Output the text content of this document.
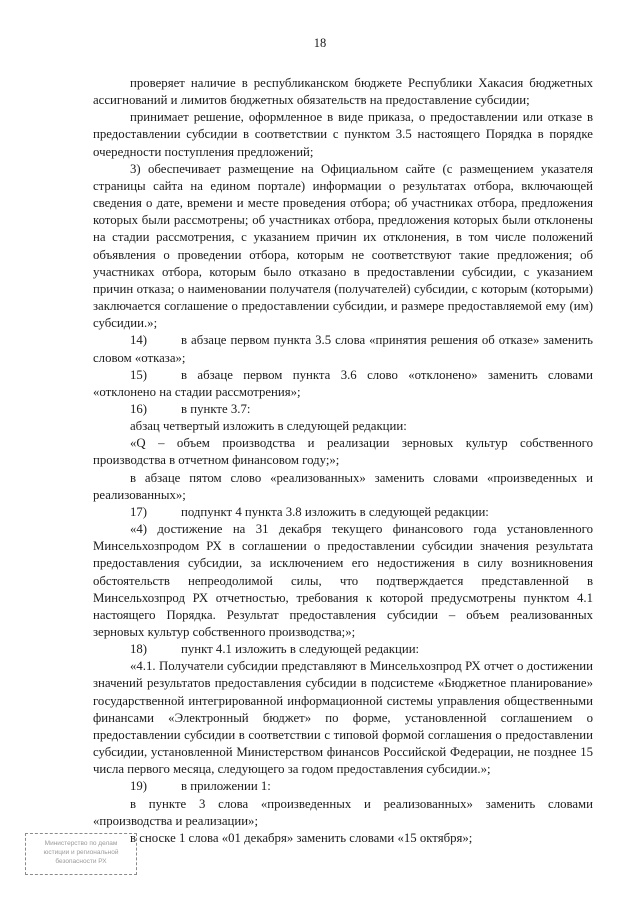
18

проверяет наличие в республиканском бюджете Республики Хакасия бюджетных ассигнований и лимитов бюджетных обязательств на предоставление субсидии;

принимает решение, оформленное в виде приказа, о предоставлении или отказе в предоставлении субсидии в соответствии с пунктом 3.5 настоящего Порядка в порядке очередности поступления предложений;

3) обеспечивает размещение на Официальном сайте (с размещением указателя страницы сайта на едином портале) информации о результатах отбора, включающей сведения о дате, времени и месте проведения отбора; об участниках отбора, предложения которых были рассмотрены; об участниках отбора, предложения которых были отклонены на стадии рассмотрения, с указанием причин их отклонения, в том числе положений объявления о проведении отбора, которым не соответствуют такие предложения; об участниках отбора, которым было отказано в предоставлении субсидии, с указанием причин отказа; о наименовании получателя (получателей) субсидии, с которым (которыми) заключается соглашение о предоставлении субсидии, и размере предоставляемой ему (им) субсидии.»;

14)	в абзаце первом пункта 3.5 слова «принятия решения об отказе» заменить словом «отказа»;

15)	в абзаце первом пункта 3.6 слово «отклонено» заменить словами «отклонено на стадии рассмотрения»;

16)	в пункте 3.7:

абзац четвертый изложить в следующей редакции:

«Q – объем производства и реализации зерновых культур собственного производства в отчетном финансовом году;»;

в абзаце пятом слово «реализованных» заменить словами «произведенных и реализованных»;

17)	подпункт 4 пункта 3.8 изложить в следующей редакции:

«4) достижение на 31 декабря текущего финансового года установленного Минсельхозпродом РХ в соглашении о предоставлении субсидии значения результата предоставления субсидии, за исключением его недостижения в силу возникновения обстоятельств непреодолимой силы, что подтверждается представленной в Минсельхозпрод РХ отчетностью, требования к которой предусмотрены пунктом 4.1 настоящего Порядка. Результат предоставления субсидии – объем реализованных зерновых культур собственного производства;»;

18)	пункт 4.1 изложить в следующей редакции:

«4.1. Получатели субсидии представляют в Минсельхозпрод РХ отчет о достижении значений результатов предоставления субсидии в подсистеме «Бюджетное планирование» государственной интегрированной информационной системы управления общественными финансами «Электронный бюджет» по форме, установленной соглашением о предоставлении субсидии в соответствии с типовой формой соглашения о предоставлении субсидии, установленной Министерством финансов Российской Федерации, не позднее 15 числа первого месяца, следующего за годом предоставления субсидии.»;

19)	в приложении 1:

в пункте 3 слова «произведенных и реализованных» заменить словами «производства и реализации»;

в сноске 1 слова «01 декабря» заменить словами «15 октября»;

Министерство по делам
юстиции и региональной
безопасности РХ
